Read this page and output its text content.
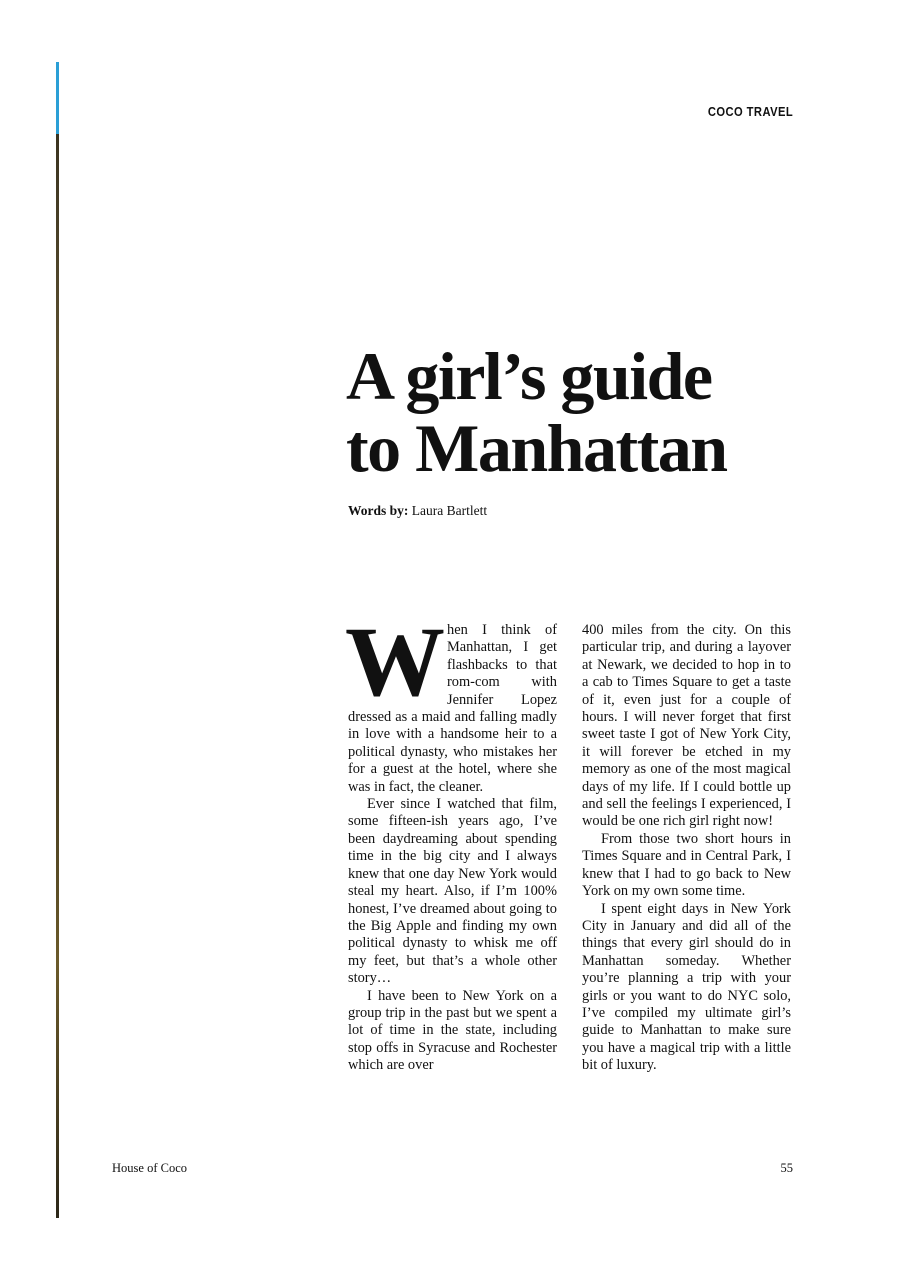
COCO TRAVEL
A girl’s guide
to Manhattan
Words by: Laura Bartlett

When I think of Manhattan, I get flashbacks to that rom-com with Jennifer Lopez dressed as a maid and falling madly in love with a handsome heir to a political dynasty, who mistakes her for a guest at the hotel, where she was in fact, the cleaner.

Ever since I watched that film, some fifteen-ish years ago, I’ve been daydreaming about spending time in the big city and I always knew that one day New York would steal my heart. Also, if I’m 100% honest, I’ve dreamed about going to the Big Apple and finding my own political dynasty to whisk me off my feet, but that’s a whole other story…

I have been to New York on a group trip in the past but we spent a lot of time in the state, including stop offs in Syracuse and Rochester which are over

400 miles from the city. On this particular trip, and during a layover at Newark, we decided to hop in to a cab to Times Square to get a taste of it, even just for a couple of hours. I will never forget that first sweet taste I got of New York City, it will forever be etched in my memory as one of the most magical days of my life. If I could bottle up and sell the feelings I experienced, I would be one rich girl right now!

From those two short hours in Times Square and in Central Park, I knew that I had to go back to New York on my own some time.

I spent eight days in New York City in January and did all of the things that every girl should do in Manhattan someday. Whether you’re planning a trip with your girls or you want to do NYC solo, I’ve compiled my ultimate girl’s guide to Manhattan to make sure you have a magical trip with a little bit of luxury.

House of Coco	55
